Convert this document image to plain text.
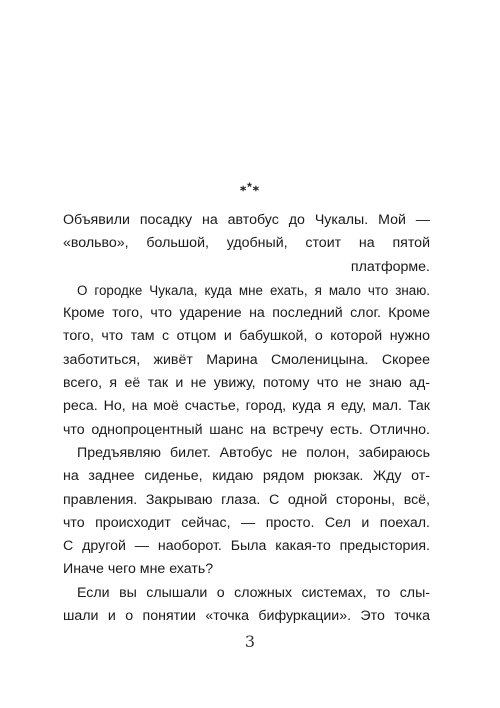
⁎*⁎
Объявили посадку на автобус до Чукалы. Мой —
«вольво», большой, удобный, стоит на пятой
платформе.
О городке Чукала, куда мне ехать, я мало что знаю.
Кроме того, что ударение на последний слог. Кроме
того, что там с отцом и бабушкой, о которой нужно
заботиться, живёт Марина Смоленицына. Скорее
всего, я её так и не увижу, потому что не знаю ад-
реса. Но, на моё счастье, город, куда я еду, мал. Так
что однопроцентный шанс на встречу есть. Отлично.
Предъявляю билет. Автобус не полон, забираюсь
на заднее сиденье, кидаю рядом рюкзак. Жду от-
правления. Закрываю глаза. С одной стороны, всё,
что происходит сейчас, — просто. Сел и поехал.
С другой — наоборот. Была какая-то предыстория.
Иначе чего мне ехать?
Если вы слышали о сложных системах, то слы-
шали и о понятии «точка бифуркации». Это точка
3
